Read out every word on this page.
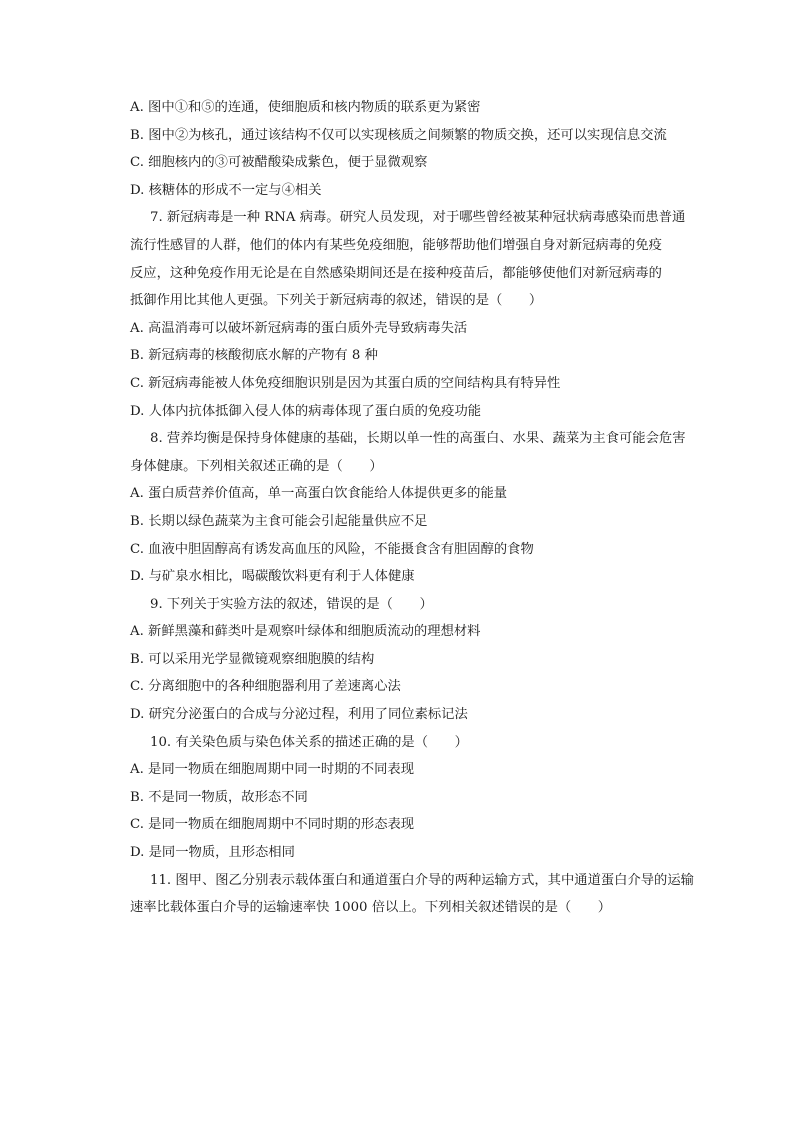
A. 图中①和⑤的连通，使细胞质和核内物质的联系更为紧密
B. 图中②为核孔，通过该结构不仅可以实现核质之间频繁的物质交换，还可以实现信息交流
C. 细胞核内的③可被醋酸染成紫色，便于显微观察
D. 核糖体的形成不一定与④相关
7. 新冠病毒是一种 RNA 病毒。研究人员发现，对于哪些曾经被某种冠状病毒感染而患普通
流行性感冒的人群，他们的体内有某些免疫细胞，能够帮助他们增强自身对新冠病毒的免疫
反应，这种免疫作用无论是在自然感染期间还是在接种疫苗后，都能够使他们对新冠病毒的
抵御作用比其他人更强。下列关于新冠病毒的叙述，错误的是（　　）
A. 高温消毒可以破坏新冠病毒的蛋白质外壳导致病毒失活
B. 新冠病毒的核酸彻底水解的产物有 8 种
C. 新冠病毒能被人体免疫细胞识别是因为其蛋白质的空间结构具有特异性
D. 人体内抗体抵御入侵人体的病毒体现了蛋白质的免疫功能
8. 营养均衡是保持身体健康的基础，长期以单一性的高蛋白、水果、蔬菜为主食可能会危害
身体健康。下列相关叙述正确的是（　　）
A. 蛋白质营养价值高，单一高蛋白饮食能给人体提供更多的能量
B. 长期以绿色蔬菜为主食可能会引起能量供应不足
C. 血液中胆固醇高有诱发高血压的风险，不能摄食含有胆固醇的食物
D. 与矿泉水相比，喝碳酸饮料更有利于人体健康
9. 下列关于实验方法的叙述，错误的是（　　）
A. 新鲜黑藻和藓类叶是观察叶绿体和细胞质流动的理想材料
B. 可以采用光学显微镜观察细胞膜的结构
C. 分离细胞中的各种细胞器利用了差速离心法
D. 研究分泌蛋白的合成与分泌过程，利用了同位素标记法
10. 有关染色质与染色体关系的描述正确的是（　　）
A. 是同一物质在细胞周期中同一时期的不同表现
B. 不是同一物质，故形态不同
C. 是同一物质在细胞周期中不同时期的形态表现
D. 是同一物质，且形态相同
11. 图甲、图乙分别表示载体蛋白和通道蛋白介导的两种运输方式，其中通道蛋白介导的运输
速率比载体蛋白介导的运输速率快 1000 倍以上。下列相关叙述错误的是（　　）
